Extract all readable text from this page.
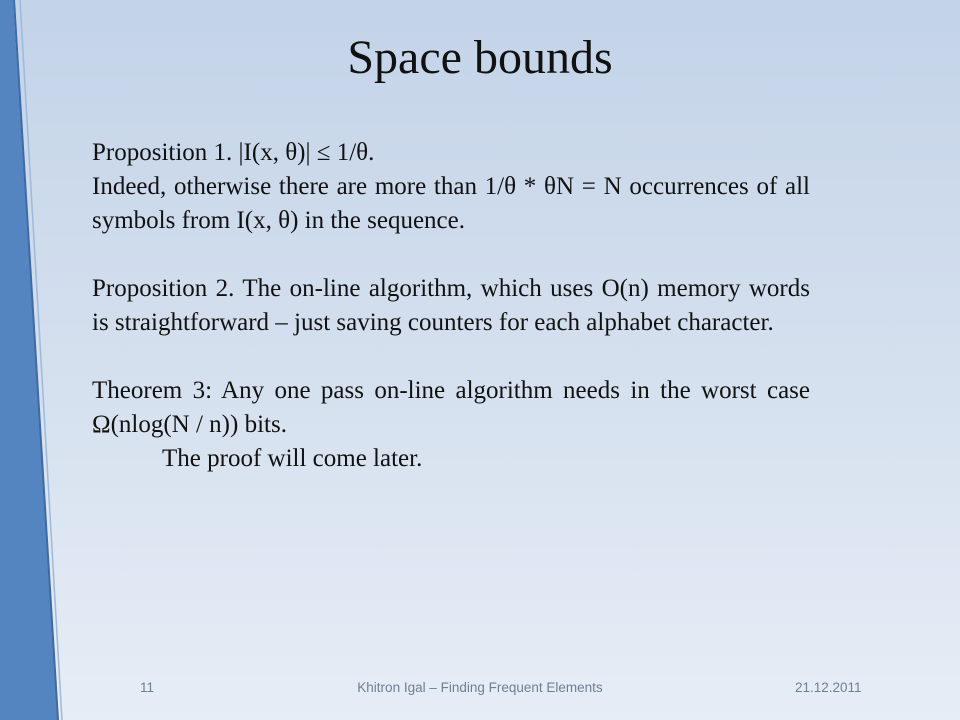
Space bounds

Proposition 1. |I(x, θ)| ≤ 1/θ.

Indeed, otherwise there are more than 1/θ * θN = N occurrences of all symbols from I(x, θ) in the sequence.

Proposition 2. The on-line algorithm, which uses O(n) memory words is straightforward – just saving counters for each alphabet character.

Theorem 3: Any one pass on-line algorithm needs in the worst case Ω(nlog(N / n)) bits.

The proof will come later.

11	Khitron Igal – Finding Frequent Elements	21.12.2011
